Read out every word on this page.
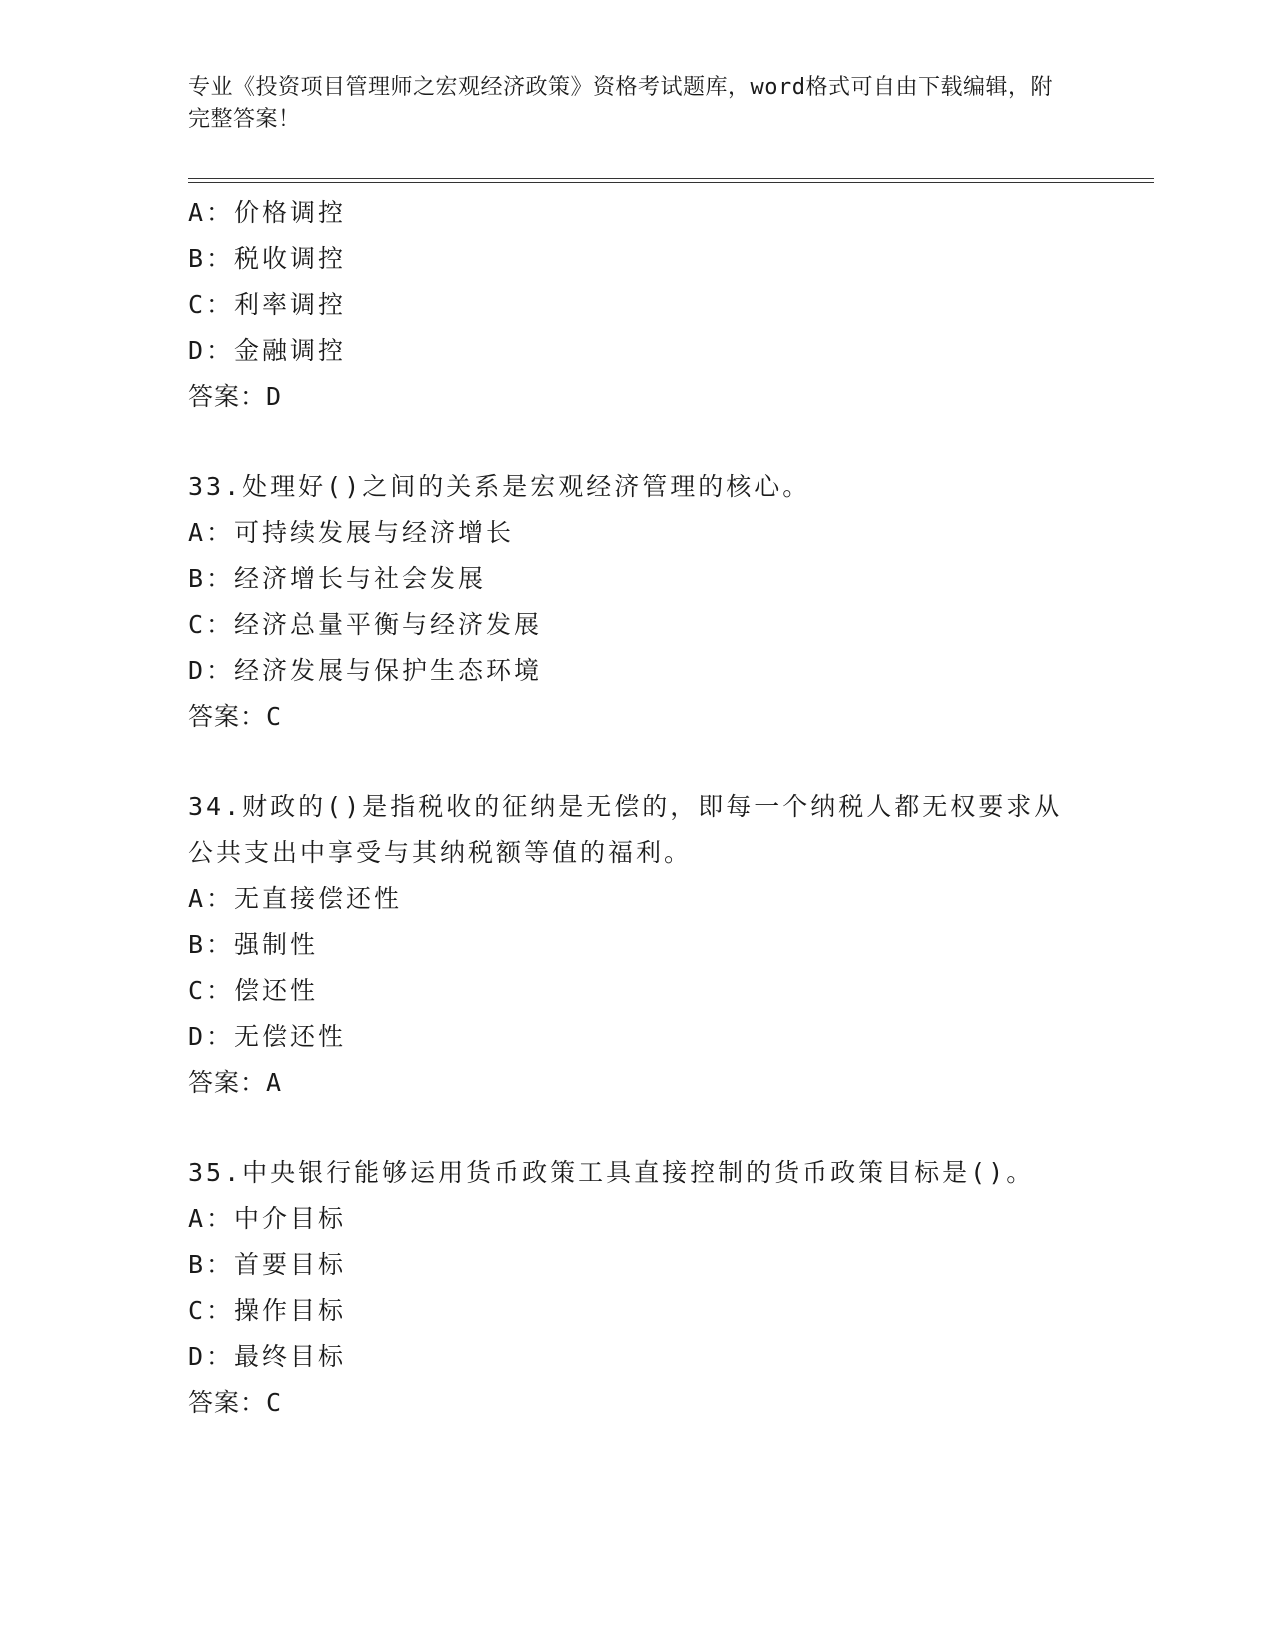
专业《投资项目管理师之宏观经济政策》资格考试题库，word格式可自由下载编辑，附完整答案！

A：价格调控

B：税收调控

C：利率调控

D：金融调控

答案：D

33.处理好()之间的关系是宏观经济管理的核心。

A：可持续发展与经济增长

B：经济增长与社会发展

C：经济总量平衡与经济发展

D：经济发展与保护生态环境

答案：C

34.财政的()是指税收的征纳是无偿的，即每一个纳税人都无权要求从公共支出中享受与其纳税额等值的福利。

A：无直接偿还性

B：强制性

C：偿还性

D：无偿还性

答案：A

35.中央银行能够运用货币政策工具直接控制的货币政策目标是()。

A：中介目标

B：首要目标

C：操作目标

D：最终目标

答案：C
